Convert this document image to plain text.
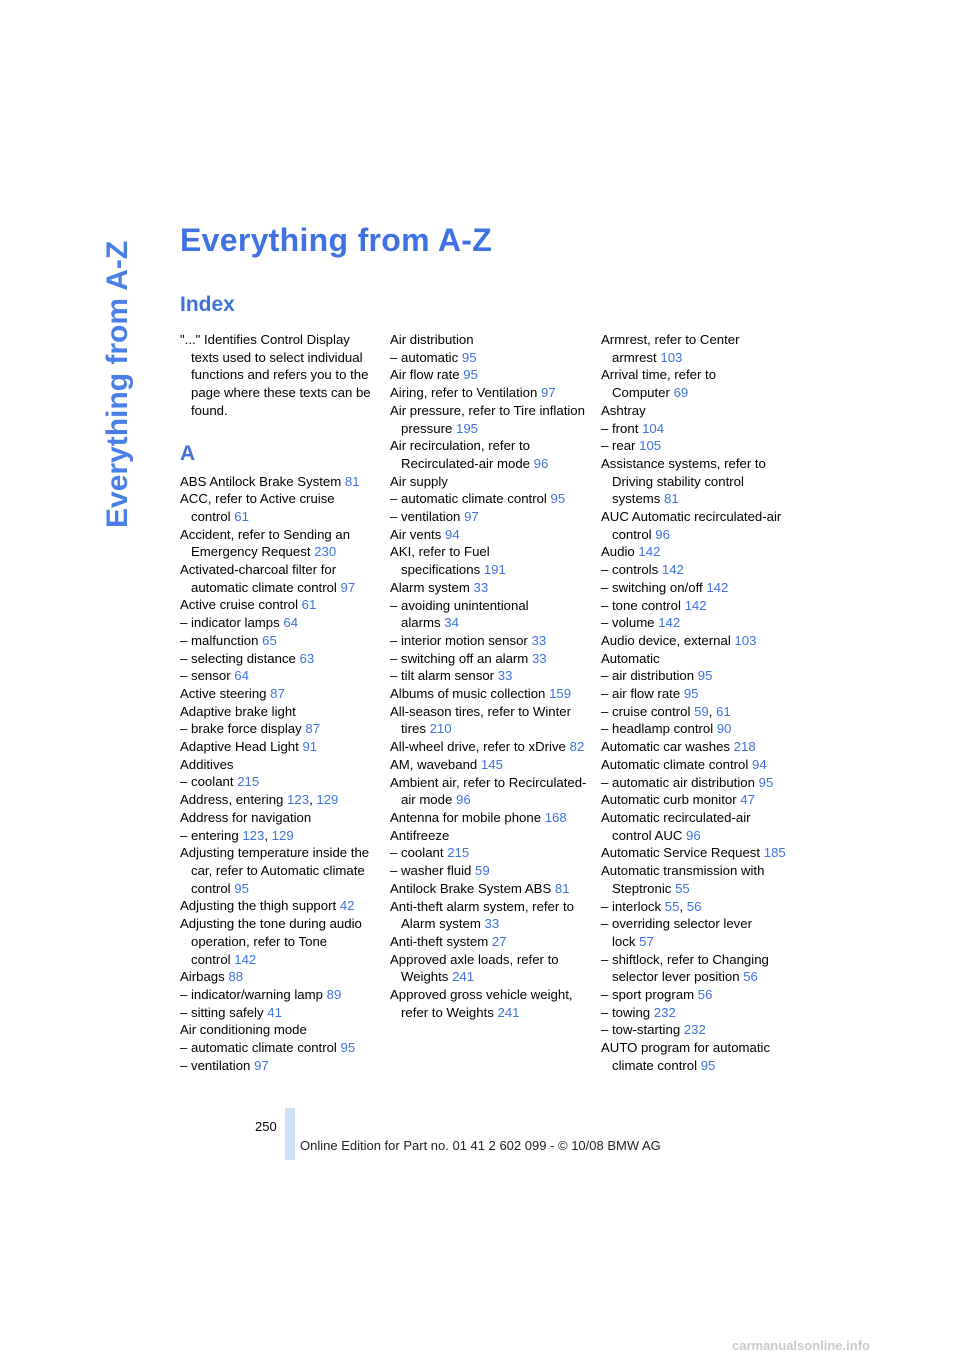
Everything from A-Z
Everything from A-Z
Index
"..." Identifies Control Display texts used to select individual functions and refers you to the page where these texts can be found.
A
ABS Antilock Brake System 81
ACC, refer to Active cruise control 61
Accident, refer to Sending an Emergency Request 230
Activated-charcoal filter for automatic climate control 97
Active cruise control 61
– indicator lamps 64
– malfunction 65
– selecting distance 63
– sensor 64
Active steering 87
Adaptive brake light
– brake force display 87
Adaptive Head Light 91
Additives
– coolant 215
Address, entering 123, 129
Address for navigation
– entering 123, 129
Adjusting temperature inside the car, refer to Automatic climate control 95
Adjusting the thigh support 42
Adjusting the tone during audio operation, refer to Tone control 142
Airbags 88
– indicator/warning lamp 89
– sitting safely 41
Air conditioning mode
– automatic climate control 95
– ventilation 97
Air distribution
– automatic 95
Air flow rate 95
Airing, refer to Ventilation 97
Air pressure, refer to Tire inflation pressure 195
Air recirculation, refer to Recirculated-air mode 96
Air supply
– automatic climate control 95
– ventilation 97
Air vents 94
AKI, refer to Fuel specifications 191
Alarm system 33
– avoiding unintentional alarms 34
– interior motion sensor 33
– switching off an alarm 33
– tilt alarm sensor 33
Albums of music collection 159
All-season tires, refer to Winter tires 210
All-wheel drive, refer to xDrive 82
AM, waveband 145
Ambient air, refer to Recirculated-air mode 96
Antenna for mobile phone 168
Antifreeze
– coolant 215
– washer fluid 59
Antilock Brake System ABS 81
Anti-theft alarm system, refer to Alarm system 33
Anti-theft system 27
Approved axle loads, refer to Weights 241
Approved gross vehicle weight, refer to Weights 241
Armrest, refer to Center armrest 103
Arrival time, refer to Computer 69
Ashtray
– front 104
– rear 105
Assistance systems, refer to Driving stability control systems 81
AUC Automatic recirculated-air control 96
Audio 142
– controls 142
– switching on/off 142
– tone control 142
– volume 142
Audio device, external 103
Automatic
– air distribution 95
– air flow rate 95
– cruise control 59, 61
– headlamp control 90
Automatic car washes 218
Automatic climate control 94
– automatic air distribution 95
Automatic curb monitor 47
Automatic recirculated-air control AUC 96
Automatic Service Request 185
Automatic transmission with Steptronic 55
– interlock 55, 56
– overriding selector lever lock 57
– shiftlock, refer to Changing selector lever position 56
– sport program 56
– towing 232
– tow-starting 232
AUTO program for automatic climate control 95
250
Online Edition for Part no. 01 41 2 602 099 - © 10/08 BMW AG
carmanualsonline.info
